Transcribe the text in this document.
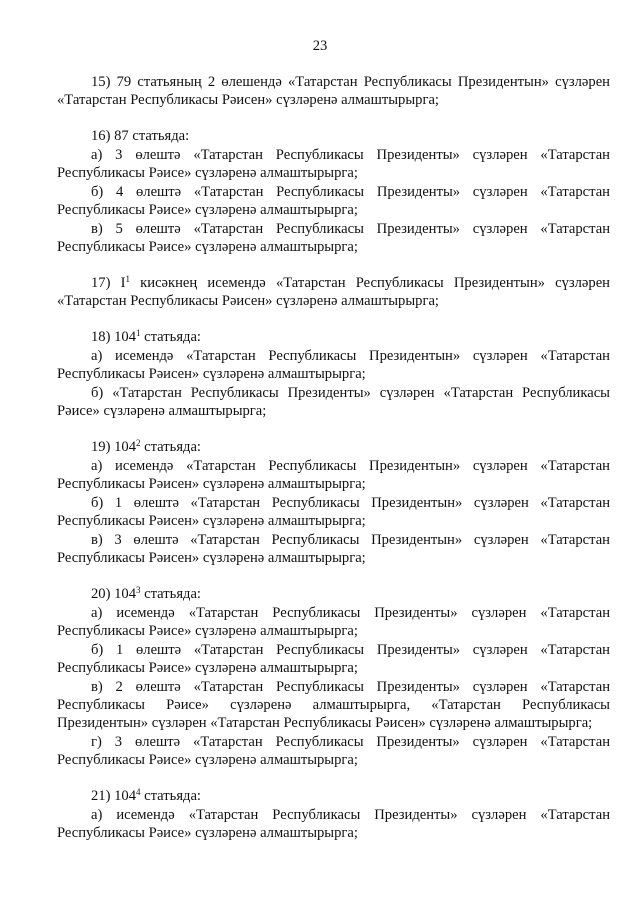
23

15) 79 статьяның 2 өлешендә «Татарстан Республикасы Президентын» сүзләрен «Татарстан Республикасы Рәисен» сүзләренә алмаштырырга;

16) 87 статьяда:

а) 3 өлештә «Татарстан Республикасы Президенты» сүзләрен «Татарстан Республикасы Рәисе» сүзләренә алмаштырырга;

б) 4 өлештә «Татарстан Республикасы Президенты» сүзләрен «Татарстан Республикасы Рәисе» сүзләренә алмаштырырга;

в) 5 өлештә «Татарстан Республикасы Президенты» сүзләрен «Татарстан Республикасы Рәисе» сүзләренә алмаштырырга;

17) $I^1$ кисәкнең исемендә «Татарстан Республикасы Президентын» сүзләрен «Татарстан Республикасы Рәисен» сүзләренә алмаштырырга;

18) $104^1$ статьяда:

а) исемендә «Татарстан Республикасы Президентын» сүзләрен «Татарстан Республикасы Рәисен» сүзләренә алмаштырырга;

б) «Татарстан Республикасы Президенты» сүзләрен «Татарстан Республикасы Рәисе» сүзләренә алмаштырырга;

19) $104^2$ статьяда:

а) исемендә «Татарстан Республикасы Президентын» сүзләрен «Татарстан Республикасы Рәисен» сүзләренә алмаштырырга;

б) 1 өлештә «Татарстан Республикасы Президентын» сүзләрен «Татарстан Республикасы Рәисен» сүзләренә алмаштырырга;

в) 3 өлештә «Татарстан Республикасы Президентын» сүзләрен «Татарстан Республикасы Рәисен» сүзләренә алмаштырырга;

20) $104^3$ статьяда:

а) исемендә «Татарстан Республикасы Президенты» сүзләрен «Татарстан Республикасы Рәисе» сүзләренә алмаштырырга;

б) 1 өлештә «Татарстан Республикасы Президенты» сүзләрен «Татарстан Республикасы Рәисе» сүзләренә алмаштырырга;

в) 2 өлештә «Татарстан Республикасы Президенты» сүзләрен «Татарстан Республикасы Рәисе» сүзләренә алмаштырырга, «Татарстан Республикасы Президентын» сүзләрен «Татарстан Республикасы Рәисен» сүзләренә алмаштырырга;

г) 3 өлештә «Татарстан Республикасы Президенты» сүзләрен «Татарстан Республикасы Рәисе» сүзләренә алмаштырырга;

21) $104^4$ статьяда:

а) исемендә «Татарстан Республикасы Президенты» сүзләрен «Татарстан Республикасы Рәисе» сүзләренә алмаштырырга;
